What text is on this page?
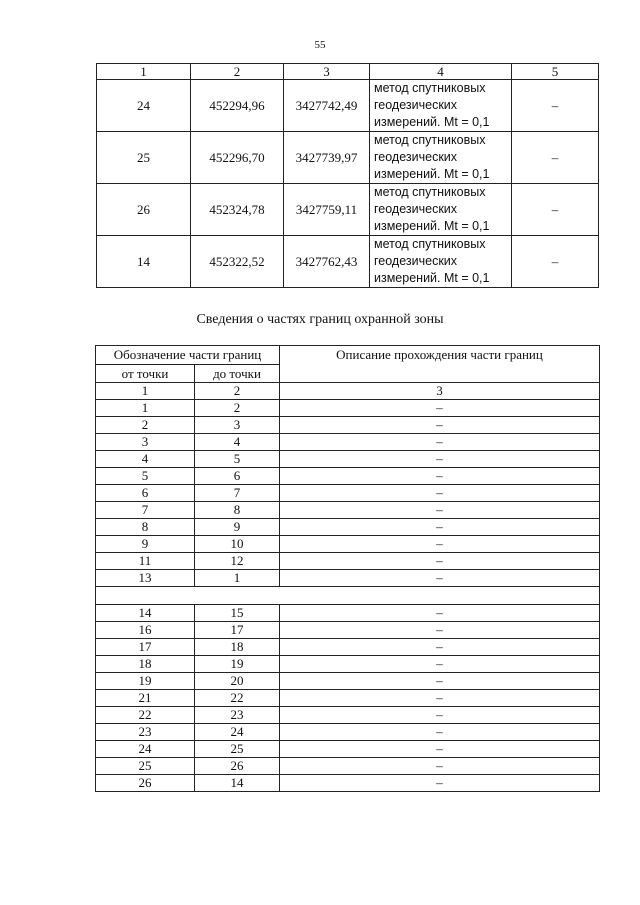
55
1	2	3	4	5
24	452294,96	3427742,49	метод спутниковых
геодезических
измерений. Mt = 0,1	–
25	452296,70	3427739,97	метод спутниковых
геодезических
измерений. Mt = 0,1	–
26	452324,78	3427759,11	метод спутниковых
геодезических
измерений. Mt = 0,1	–
14	452322,52	3427762,43	метод спутниковых
геодезических
измерений. Mt = 0,1	–
Сведения о частях границ охранной зоны
Обозначение части границ		Описание прохождения части границ
от точки	до точки	
1	2	3
1	2	–
2	3	–
3	4	–
4	5	–
5	6	–
6	7	–
7	8	–
8	9	–
9	10	–
11	12	–
13	1	–

14	15	–
16	17	–
17	18	–
18	19	–
19	20	–
21	22	–
22	23	–
23	24	–
24	25	–
25	26	–
26	14	–
